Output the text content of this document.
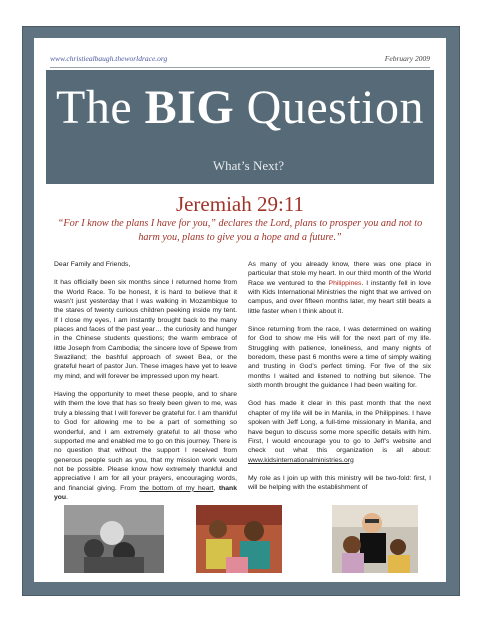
www.christiealbaugh.theworldrace.org	February 2009
The BIG Question
What’s Next?
Jeremiah 29:11
“For I know the plans I have for you,” declares the Lord, plans to prosper you and not to harm you, plans to give you a hope and a future.”

Dear Family and Friends,

It has officially been six months since I returned home from the World Race. To be honest, it is hard to believe that it wasn’t just yesterday that I was walking in Mozambique to the stares of twenty curious children peeking inside my tent. If I close my eyes, I am instantly brought back to the many places and faces of the past year… the curiosity and hunger in the Chinese students questions; the warm embrace of little Joseph from Cambodia; the sincere love of Spewe from Swaziland; the bashful approach of sweet Bea, or the grateful heart of pastor Jun. These images have yet to leave my mind, and will forever be impressed upon my heart.

Having the opportunity to meet these people, and to share with them the love that has so freely been given to me, was truly a blessing that I will forever be grateful for. I am thankful to God for allowing me to be a part of something so wonderful, and I am extremely grateful to all those who supported me and enabled me to go on this journey. There is no question that without the support I received from generous people such as you, that my mission work would not be possible. Please know how extremely thankful and appreciative I am for all your prayers, encouraging words, and financial giving. From the bottom of my heart, thank you.

As many of you already know, there was one place in particular that stole my heart. In our third month of the World Race we ventured to the Philippines. I instantly fell in love with Kids International Ministries the night that we arrived on campus, and over fifteen months later, my heart still beats a little faster when I think about it.

Since returning from the race, I was determined on waiting for God to show me His will for the next part of my life. Struggling with patience, loneliness, and many nights of boredom, these past 6 months were a time of simply waiting and trusting in God’s perfect timing. For five of the six months I waited and listened to nothing but silence. The sixth month brought the guidance I had been waiting for.

God has made it clear in this past month that the next chapter of my life will be in Manila, in the Philippines. I have spoken with Jeff Long, a full-time missionary in Manila, and have begun to discuss some more specific details with him. First, I would encourage you to go to Jeff’s website and check out what this organization is all about: www.kidsinternationalministries.org

My role as I join up with this ministry will be two-fold: first, I will be helping with the establishment of
